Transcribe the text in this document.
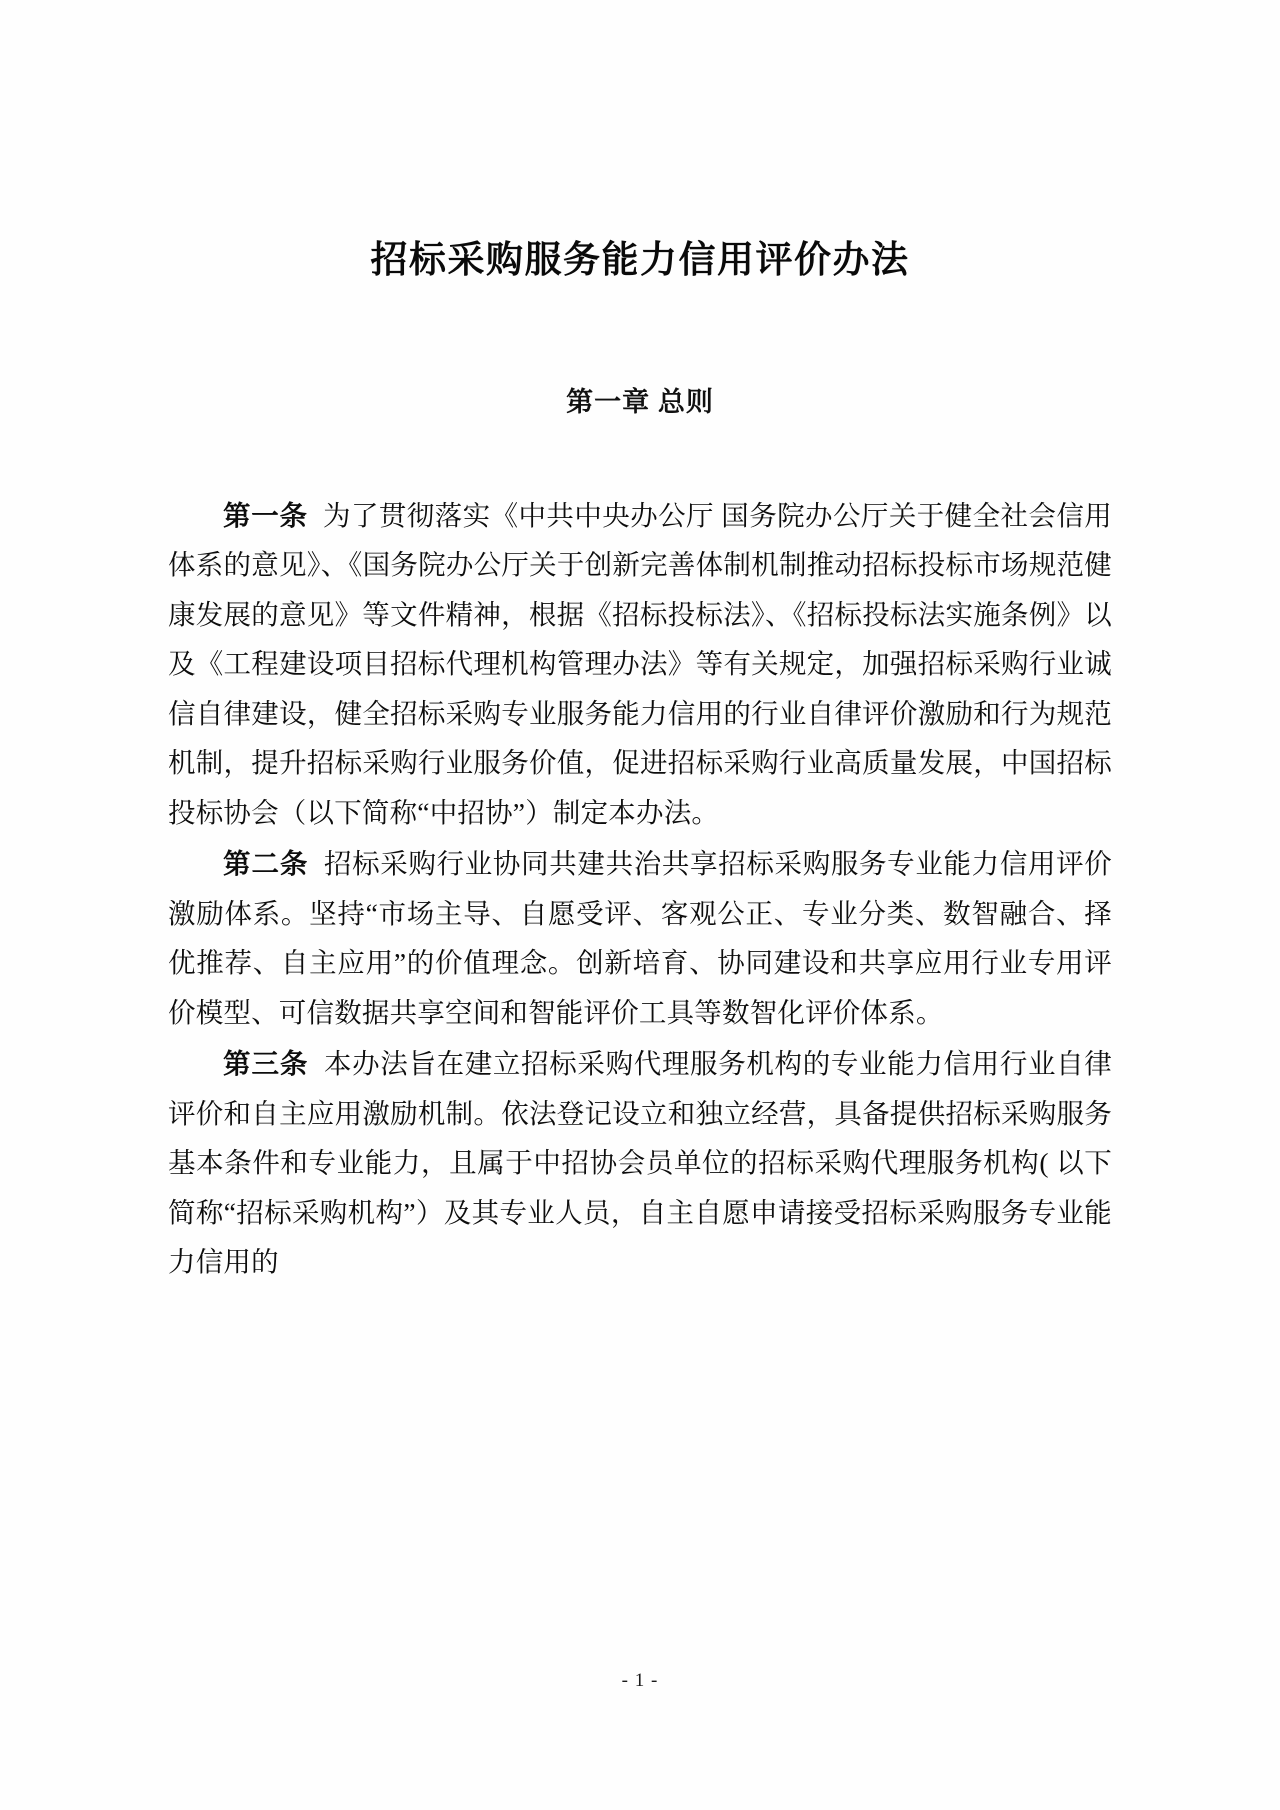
招标采购服务能力信用评价办法
第一章 总则

第一条 为了贯彻落实《中共中央办公厅 国务院办公厅关于健全社会信用体系的意见》、《国务院办公厅关于创新完善体制机制推动招标投标市场规范健康发展的意见》等文件精神，根据《招标投标法》、《招标投标法实施条例》以及《工程建设项目招标代理机构管理办法》等有关规定，加强招标采购行业诚信自律建设，健全招标采购专业服务能力信用的行业自律评价激励和行为规范机制，提升招标采购行业服务价值，促进招标采购行业高质量发展，中国招标投标协会（以下简称“中招协”）制定本办法。

第二条 招标采购行业协同共建共治共享招标采购服务专业能力信用评价激励体系。坚持“市场主导、自愿受评、客观公正、专业分类、数智融合、择优推荐、自主应用”的价值理念。创新培育、协同建设和共享应用行业专用评价模型、可信数据共享空间和智能评价工具等数智化评价体系。

第三条 本办法旨在建立招标采购代理服务机构的专业能力信用行业自律评价和自主应用激励机制。依法登记设立和独立经营，具备提供招标采购服务基本条件和专业能力，且属于中招协会员单位的招标采购代理服务机构( 以下简称“招标采购机构”）及其专业人员，自主自愿申请接受招标采购服务专业能力信用的

- 1 -
